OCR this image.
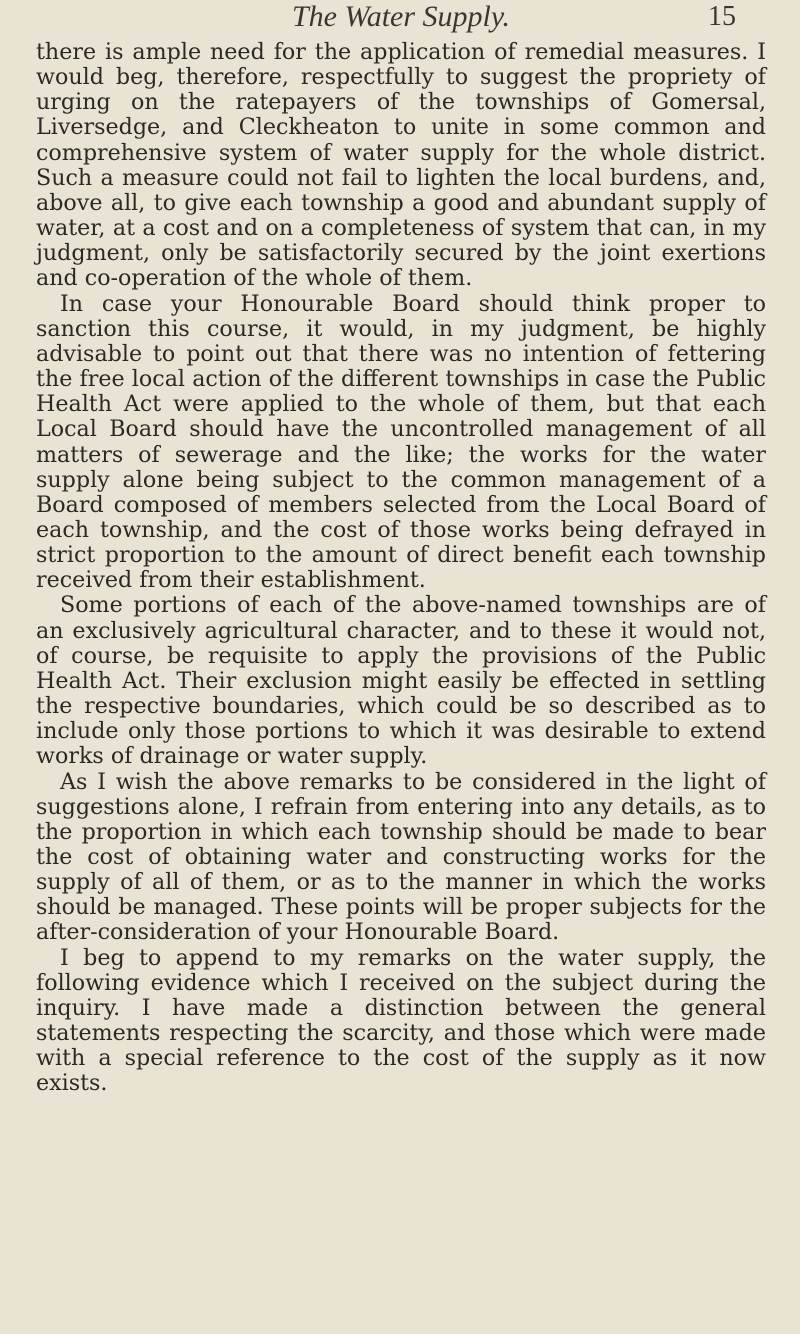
The Water Supply.	15

there is ample need for the application of remedial measures. I would beg, therefore, respectfully to suggest the propriety of urging on the ratepayers of the townships of Gomersal, Liversedge, and Cleckheaton to unite in some common and comprehensive system of water supply for the whole district. Such a measure could not fail to lighten the local burdens, and, above all, to give each township a good and abundant supply of water, at a cost and on a completeness of system that can, in my judgment, only be satisfactorily secured by the joint exertions and co-operation of the whole of them.

In case your Honourable Board should think proper to sanction this course, it would, in my judgment, be highly advisable to point out that there was no intention of fettering the free local action of the different townships in case the Public Health Act were applied to the whole of them, but that each Local Board should have the uncontrolled management of all matters of sewerage and the like; the works for the water supply alone being subject to the common management of a Board composed of members selected from the Local Board of each township, and the cost of those works being defrayed in strict proportion to the amount of direct benefit each township received from their establishment.

Some portions of each of the above-named townships are of an exclusively agricultural character, and to these it would not, of course, be requisite to apply the provisions of the Public Health Act. Their exclusion might easily be effected in settling the respective boundaries, which could be so described as to include only those portions to which it was desirable to extend works of drainage or water supply.

As I wish the above remarks to be considered in the light of suggestions alone, I refrain from entering into any details, as to the proportion in which each township should be made to bear the cost of obtaining water and constructing works for the supply of all of them, or as to the manner in which the works should be managed. These points will be proper subjects for the after-consideration of your Honourable Board.

I beg to append to my remarks on the water supply, the following evidence which I received on the subject during the inquiry. I have made a distinction between the general statements respecting the scarcity, and those which were made with a special reference to the cost of the supply as it now exists.
